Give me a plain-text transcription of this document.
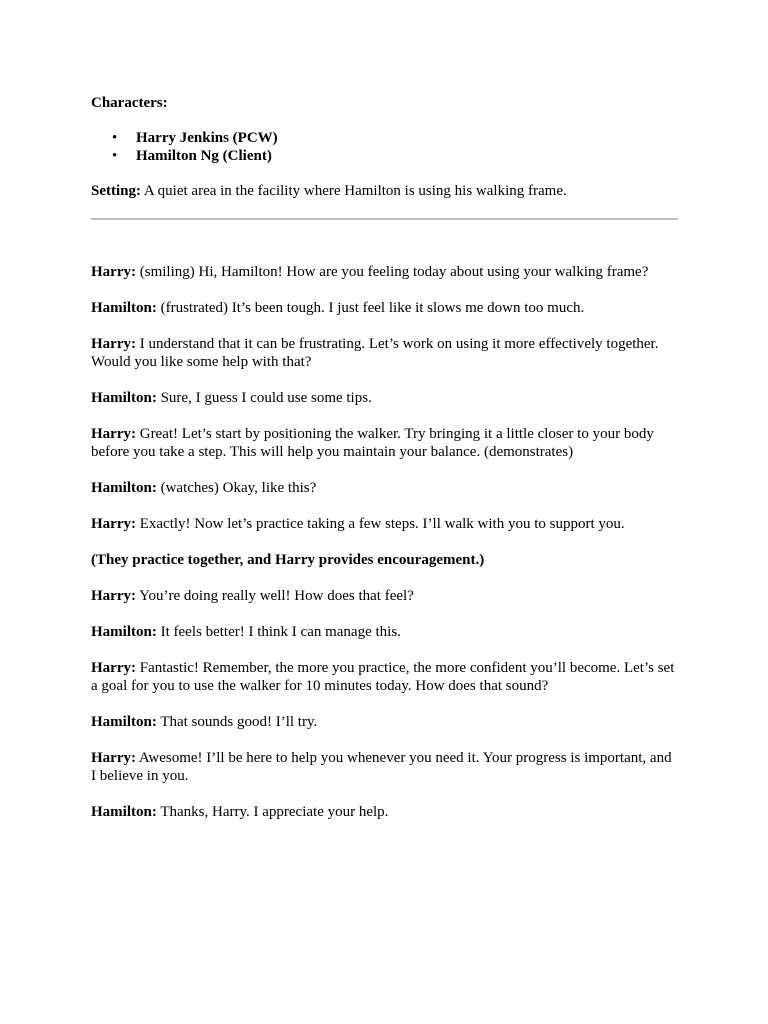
Characters:

• Harry Jenkins (PCW)
• Hamilton Ng (Client)

Setting: A quiet area in the facility where Hamilton is using his walking frame.

Harry: (smiling) Hi, Hamilton! How are you feeling today about using your walking frame?

Hamilton: (frustrated) It’s been tough. I just feel like it slows me down too much.

Harry: I understand that it can be frustrating. Let’s work on using it more effectively together. Would you like some help with that?

Hamilton: Sure, I guess I could use some tips.

Harry: Great! Let’s start by positioning the walker. Try bringing it a little closer to your body before you take a step. This will help you maintain your balance. (demonstrates)

Hamilton: (watches) Okay, like this?

Harry: Exactly! Now let’s practice taking a few steps. I’ll walk with you to support you.

(They practice together, and Harry provides encouragement.)

Harry: You’re doing really well! How does that feel?

Hamilton: It feels better! I think I can manage this.

Harry: Fantastic! Remember, the more you practice, the more confident you’ll become. Let’s set a goal for you to use the walker for 10 minutes today. How does that sound?

Hamilton: That sounds good! I’ll try.

Harry: Awesome! I’ll be here to help you whenever you need it. Your progress is important, and I believe in you.

Hamilton: Thanks, Harry. I appreciate your help.
